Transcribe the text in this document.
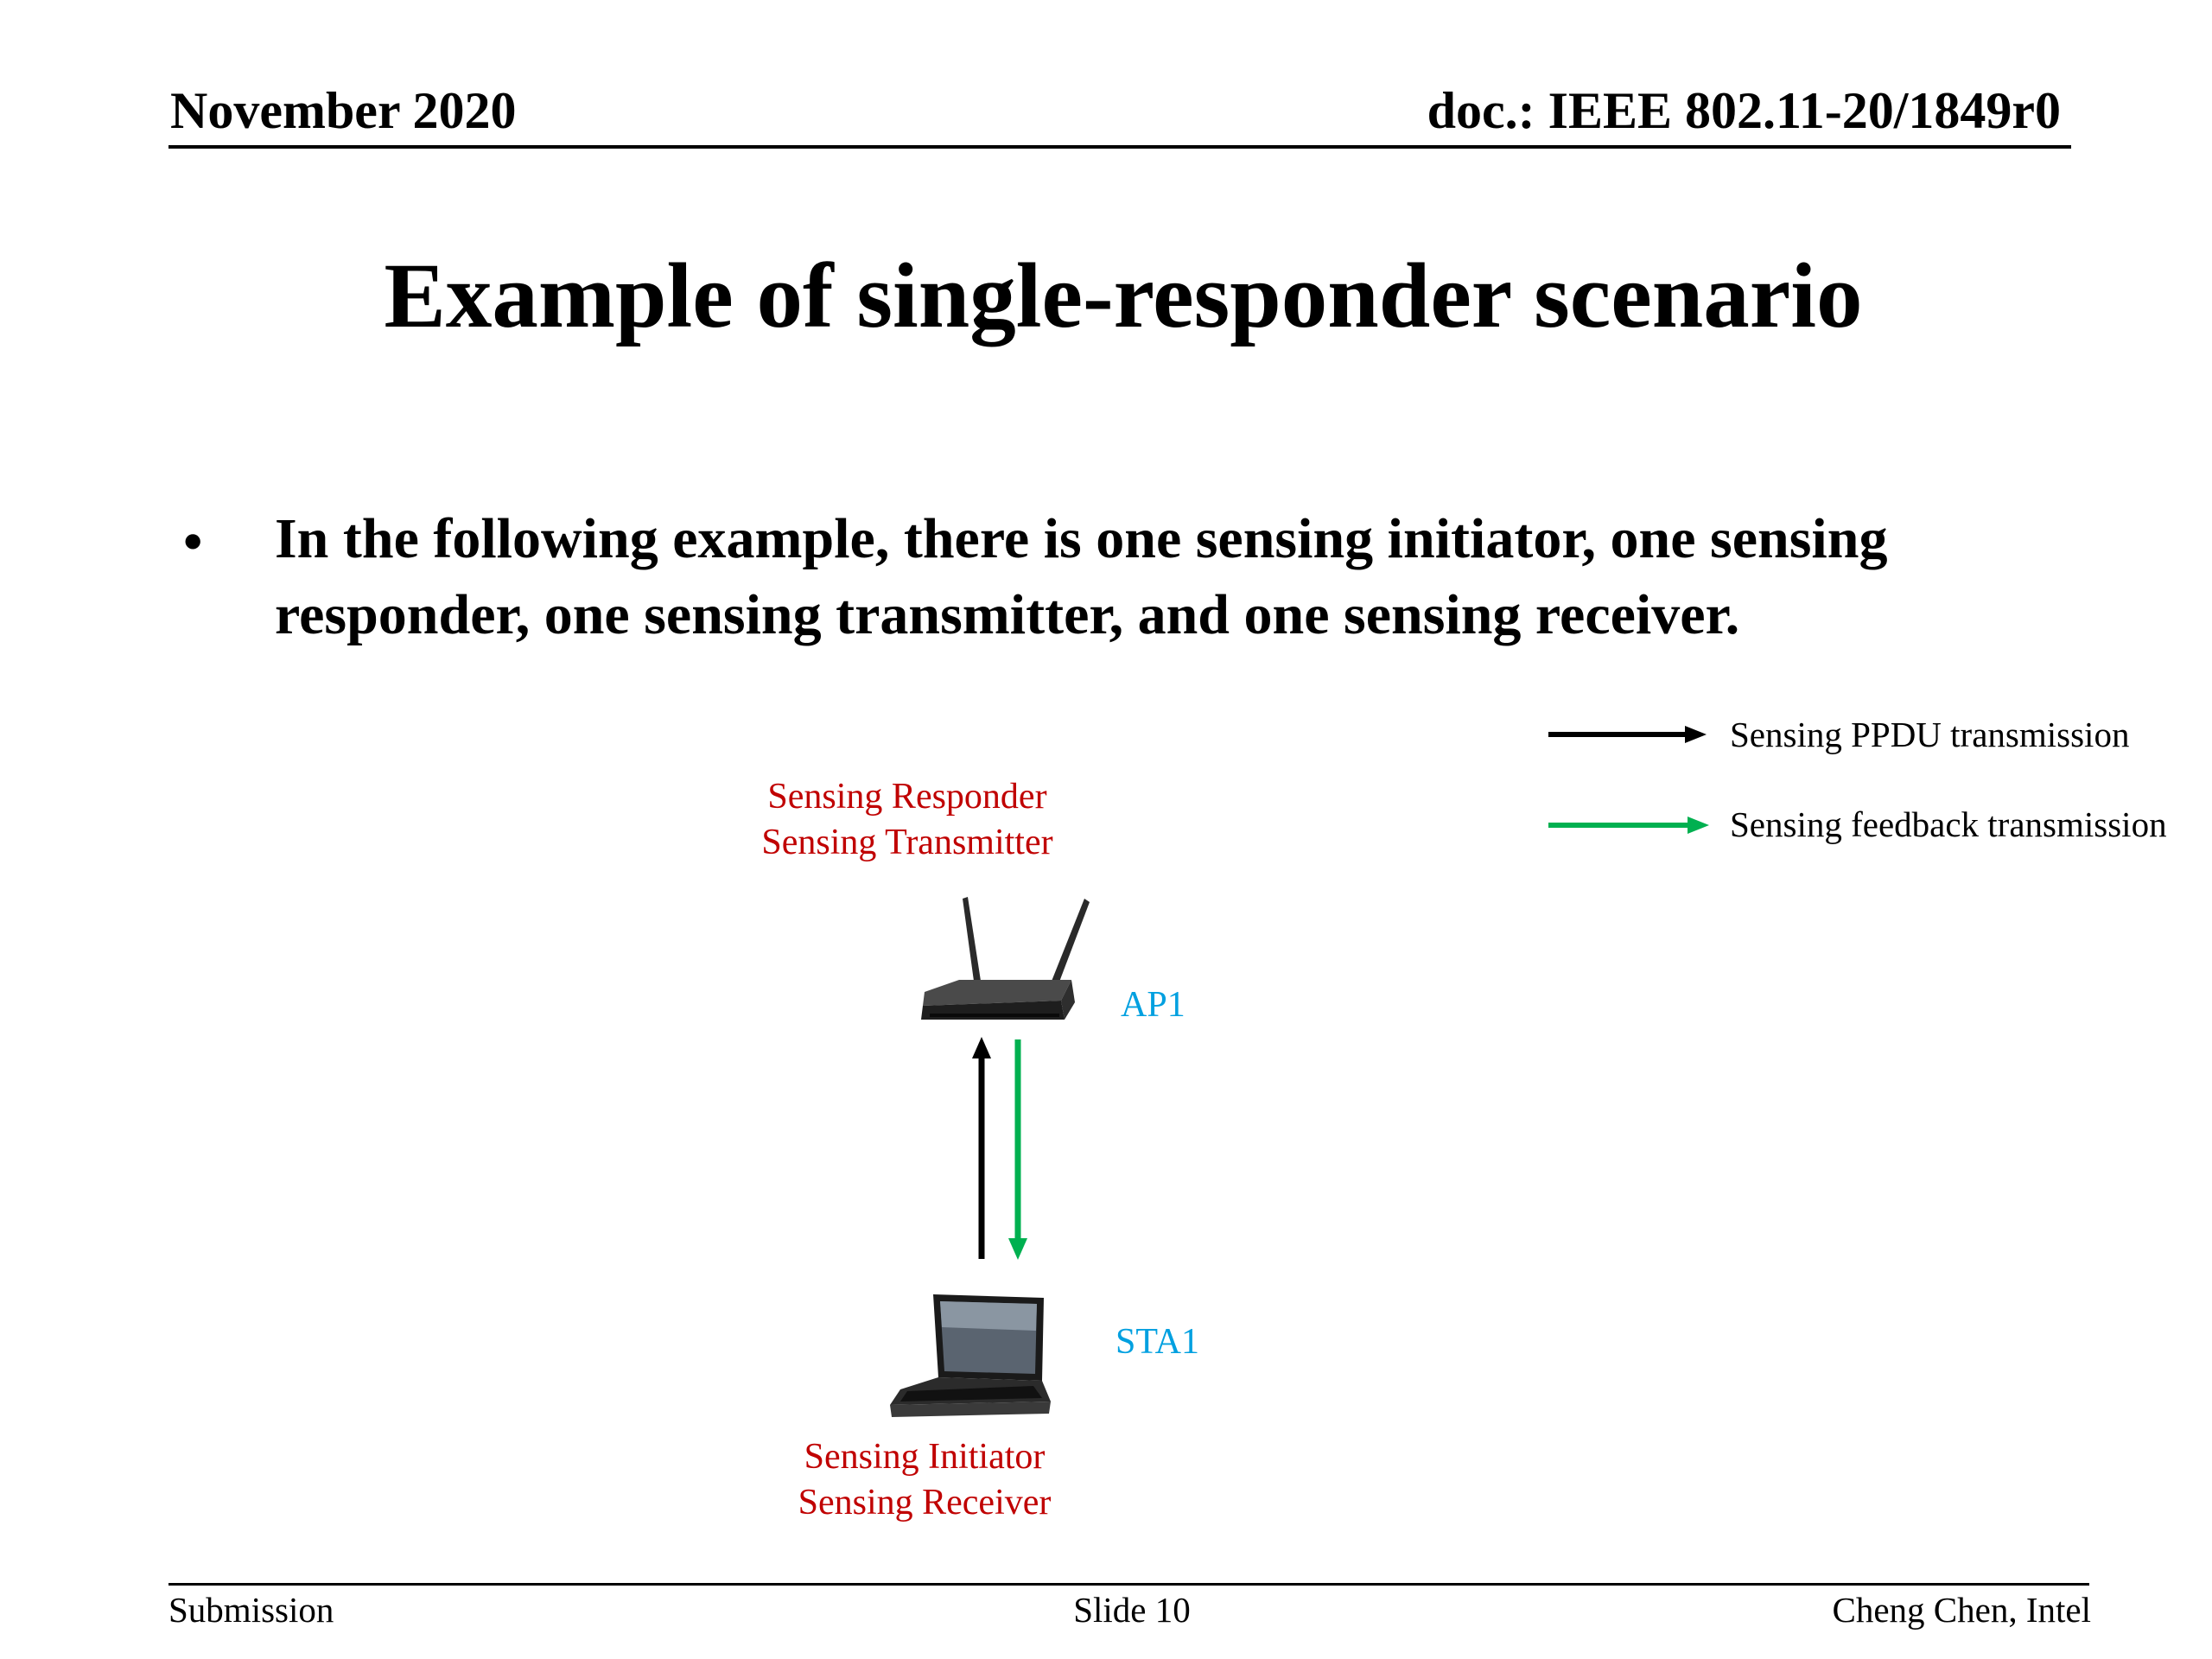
November 2020	doc.: IEEE 802.11-20/1849r0
Example of single-responder scenario
• In the following example, there is one sensing initiator, one sensing responder, one sensing transmitter, and one sensing receiver.
Sensing PPDU transmission
Sensing feedback transmission
Sensing Responder
Sensing Transmitter
AP1
STA1
Sensing Initiator
Sensing Receiver
Submission	Slide 10	Cheng Chen, Intel
